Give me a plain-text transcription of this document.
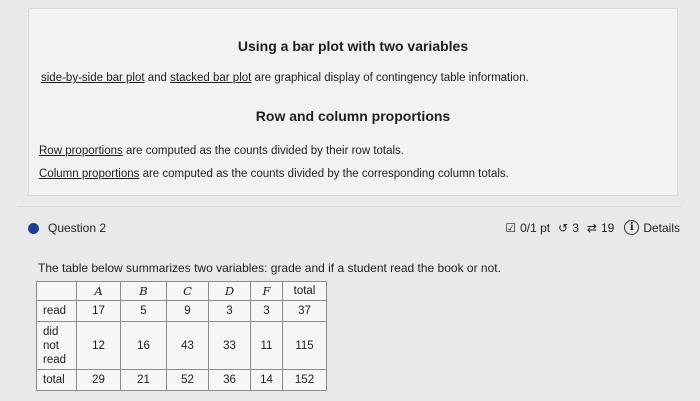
Using a bar plot with two variables
side-by-side bar plot and stacked bar plot are graphical display of contingency table information.
Row and column proportions
Row proportions are computed as the counts divided by their row totals.
Column proportions are computed as the counts divided by the corresponding column totals.
Question 2	☑ 0/1 pt ↺ 3 ⇄ 19	i Details
The table below summarizes two variables: grade and if a student read the book or not.
	A	B	C	D	F	total
read	17	5	9	3	3	37

did
not
read	12	16	43	33	11	115
total	29	21	52	36	14	152
